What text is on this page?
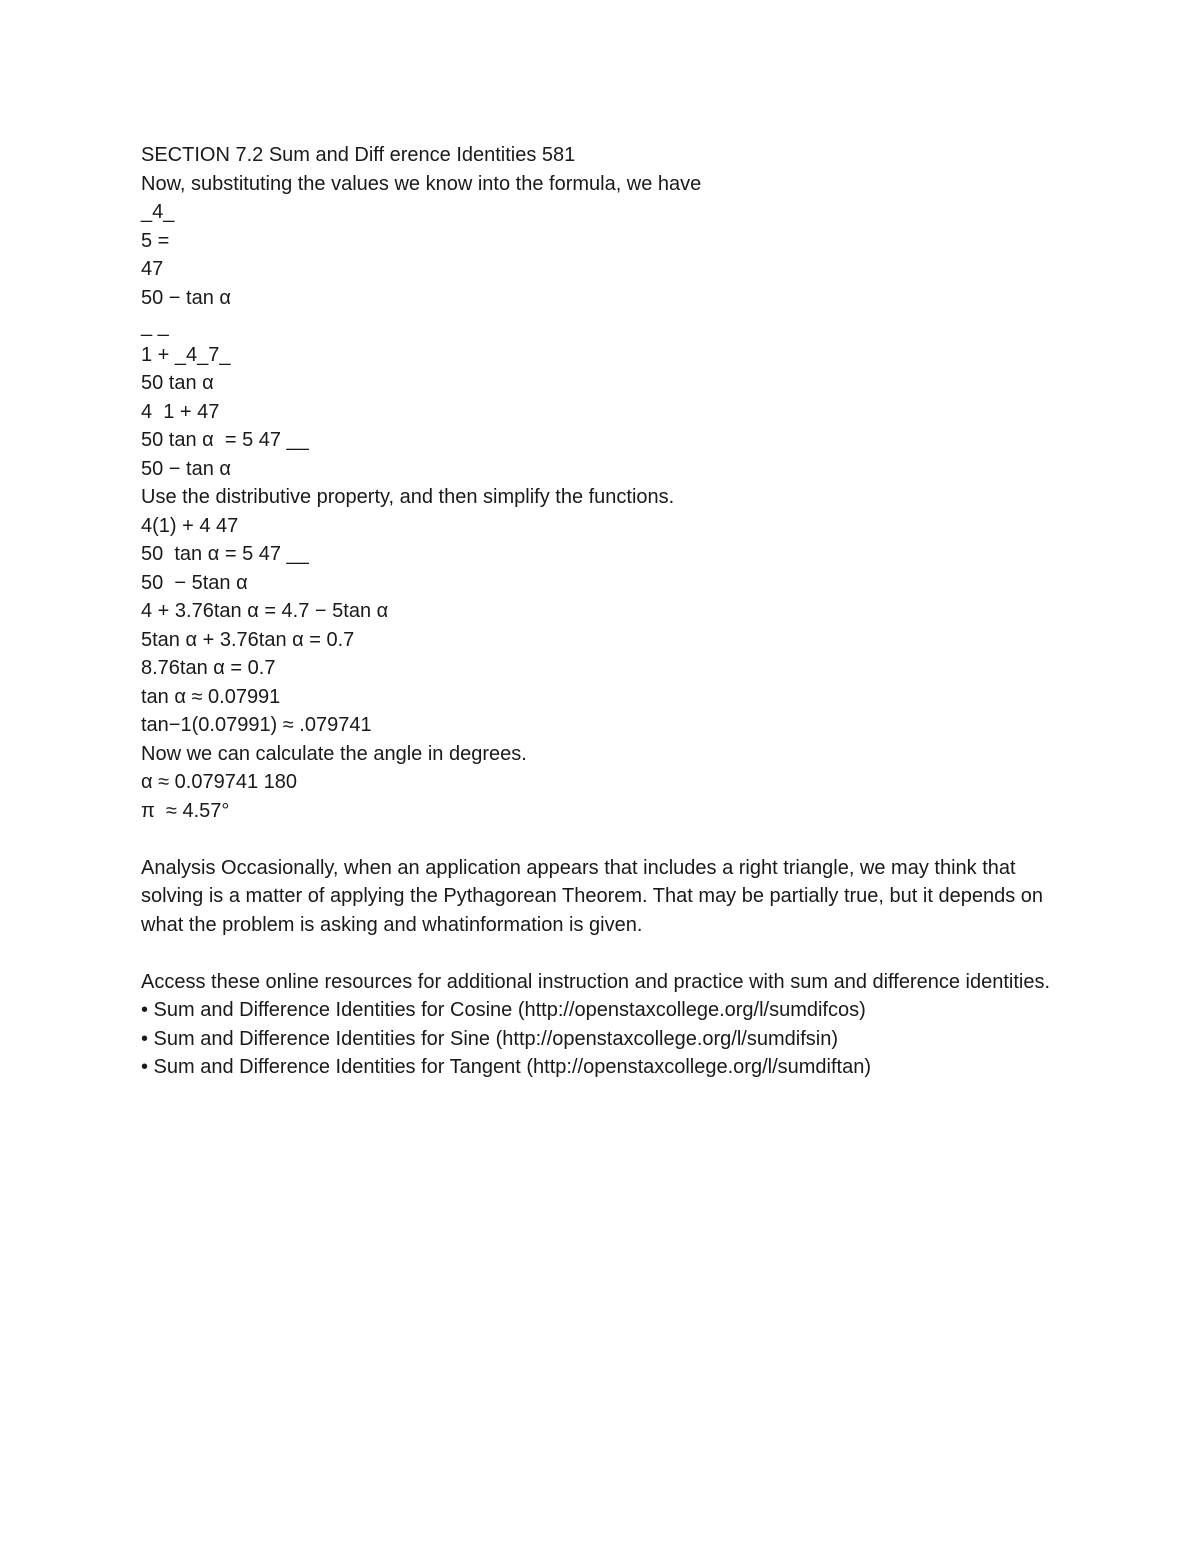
SECTION 7.2 Sum and Diff erence Identities 581
Now, substituting the values we know into the formula, we have
_4_
5 =
47
50 − tan α
_ _
1 + _4_7_
50 tan α
4  1 + 47
50 tan α  = 5 47 __
50 − tan α
Use the distributive property, and then simplify the functions.
4(1) + 4 47
50  tan α = 5 47 __
50  − 5tan α
4 + 3.76tan α = 4.7 − 5tan α
5tan α + 3.76tan α = 0.7
8.76tan α = 0.7
tan α ≈ 0.07991
tan−1(0.07991) ≈ .079741
Now we can calculate the angle in degrees.
α ≈ 0.079741 180
π  ≈ 4.57°
Analysis Occasionally, when an application appears that includes a right triangle, we may think that solving is a matter of applying the Pythagorean Theorem. That may be partially true, but it depends on what the problem is asking and whatinformation is given.
Access these online resources for additional instruction and practice with sum and difference identities.
• Sum and Difference Identities for Cosine (http://openstaxcollege.org/l/sumdifcos)
• Sum and Difference Identities for Sine (http://openstaxcollege.org/l/sumdifsin)
• Sum and Difference Identities for Tangent (http://openstaxcollege.org/l/sumdiftan)
